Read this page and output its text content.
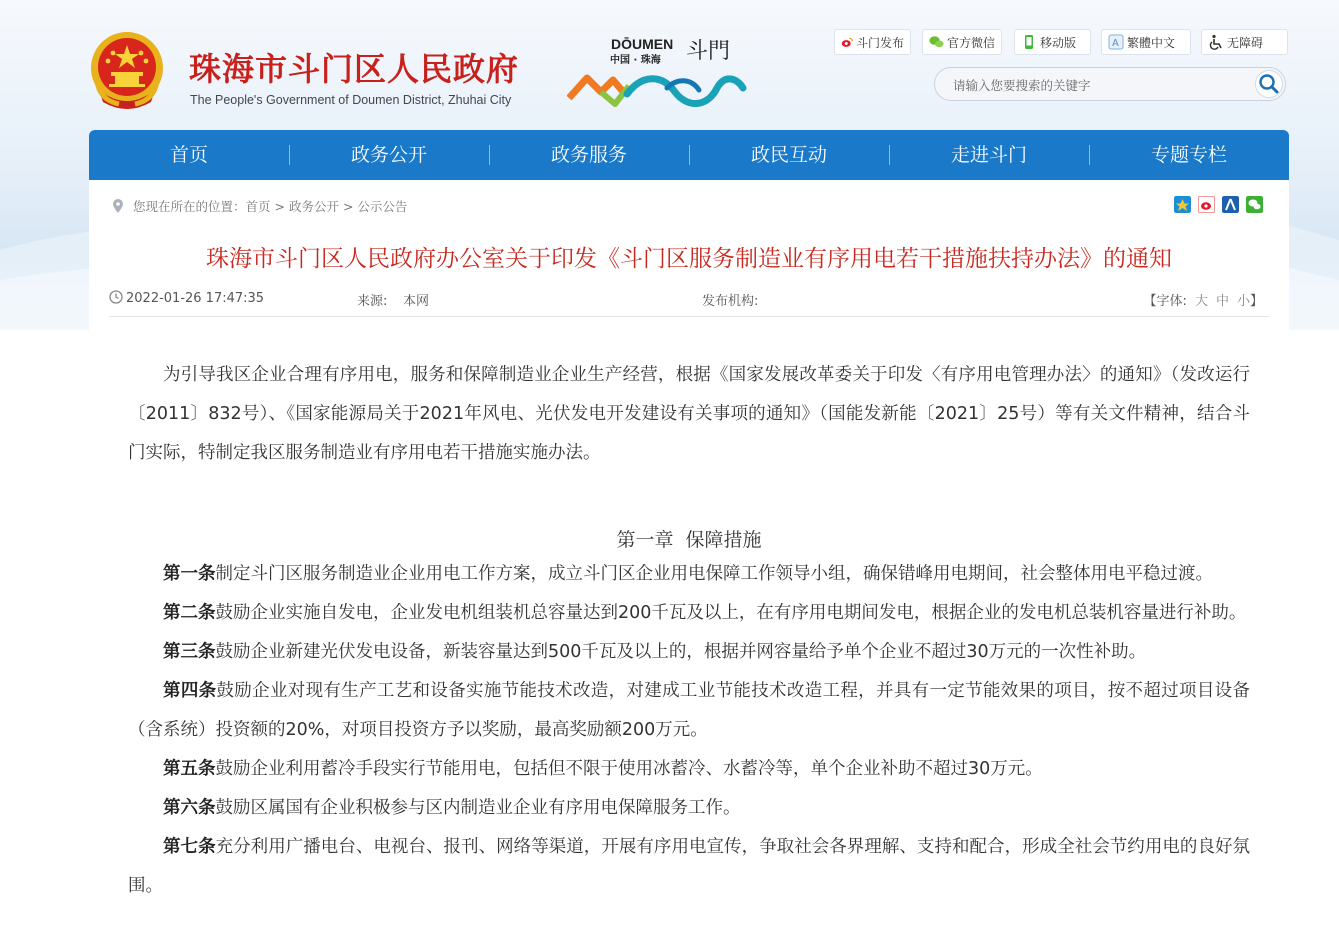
珠海市斗门区人民政府
The People's Government of Doumen District, Zhuhai City
DŌUMEN
中国 · 珠海 斗門	斗门发布	官方微信	移动版	A 繁體中文	无障碍
请输入您要搜索的关键字
首页	政务公开	政务服务	政民互动	走进斗门	专题专栏
您现在所在的位置： 首页 > 政务公开 > 公示公告
珠海市斗门区人民政府办公室关于印发《斗门区服务制造业有序用电若干措施扶持办法》的通知
2022-01-26 17:47:35	来源: 本网	发布机构:	【字体: 大 中 小】

为引导我区企业合理有序用电，服务和保障制造业企业生产经营，根据《国家发展改革委关于印发〈有序用电管理办法〉的通知》（发改运行〔2011〕832号）、《国家能源局关于2021年风电、光伏发电开发建设有关事项的通知》（国能发新能〔2021〕25号）等有关文件精神，结合斗门实际，特制定我区服务制造业有序用电若干措施实施办法。

第一章  保障措施

第一条制定斗门区服务制造业企业用电工作方案，成立斗门区企业用电保障工作领导小组，确保错峰用电期间，社会整体用电平稳过渡。

第二条鼓励企业实施自发电，企业发电机组装机总容量达到200千瓦及以上，在有序用电期间发电，根据企业的发电机总装机容量进行补助。

第三条鼓励企业新建光伏发电设备，新装容量达到500千瓦及以上的，根据并网容量给予单个企业不超过30万元的一次性补助。

第四条鼓励企业对现有生产工艺和设备实施节能技术改造，对建成工业节能技术改造工程，并具有一定节能效果的项目，按不超过项目设备（含系统）投资额的20%，对项目投资方予以奖励，最高奖励额200万元。

第五条鼓励企业利用蓄冷手段实行节能用电，包括但不限于使用冰蓄冷、水蓄冷等，单个企业补助不超过30万元。

第六条鼓励区属国有企业积极参与区内制造业企业有序用电保障服务工作。

第七条充分利用广播电台、电视台、报刊、网络等渠道，开展有序用电宣传，争取社会各界理解、支持和配合，形成全社会节约用电的良好氛围。
